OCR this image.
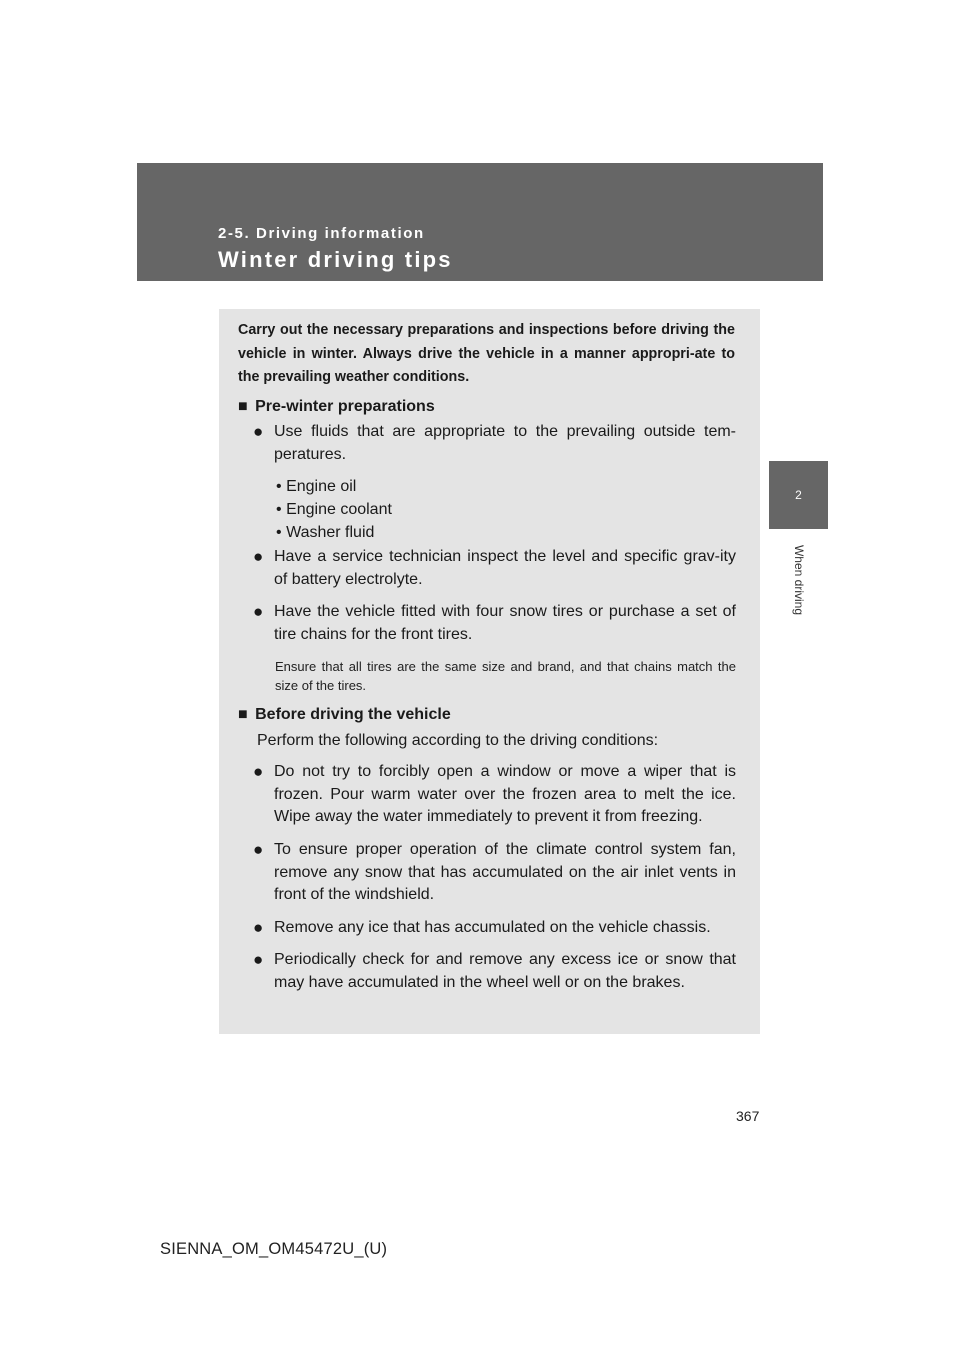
2-5. Driving information
Winter driving tips
2
When driving
Carry out the necessary preparations and inspections before driving the vehicle in winter. Always drive the vehicle in a manner appropri-ate to the prevailing weather conditions.
■ Pre-winter preparations
● Use fluids that are appropriate to the prevailing outside tem-peratures.
• Engine oil
• Engine coolant
• Washer fluid
● Have a service technician inspect the level and specific grav-ity of battery electrolyte.
● Have the vehicle fitted with four snow tires or purchase a set of tire chains for the front tires.
Ensure that all tires are the same size and brand, and that chains match the size of the tires.
■ Before driving the vehicle
Perform the following according to the driving conditions:
● Do not try to forcibly open a window or move a wiper that is frozen. Pour warm water over the frozen area to melt the ice. Wipe away the water immediately to prevent it from freezing.
● To ensure proper operation of the climate control system fan, remove any snow that has accumulated on the air inlet vents in front of the windshield.
● Remove any ice that has accumulated on the vehicle chassis.
● Periodically check for and remove any excess ice or snow that may have accumulated in the wheel well or on the brakes.
367
SIENNA_OM_OM45472U_(U)
